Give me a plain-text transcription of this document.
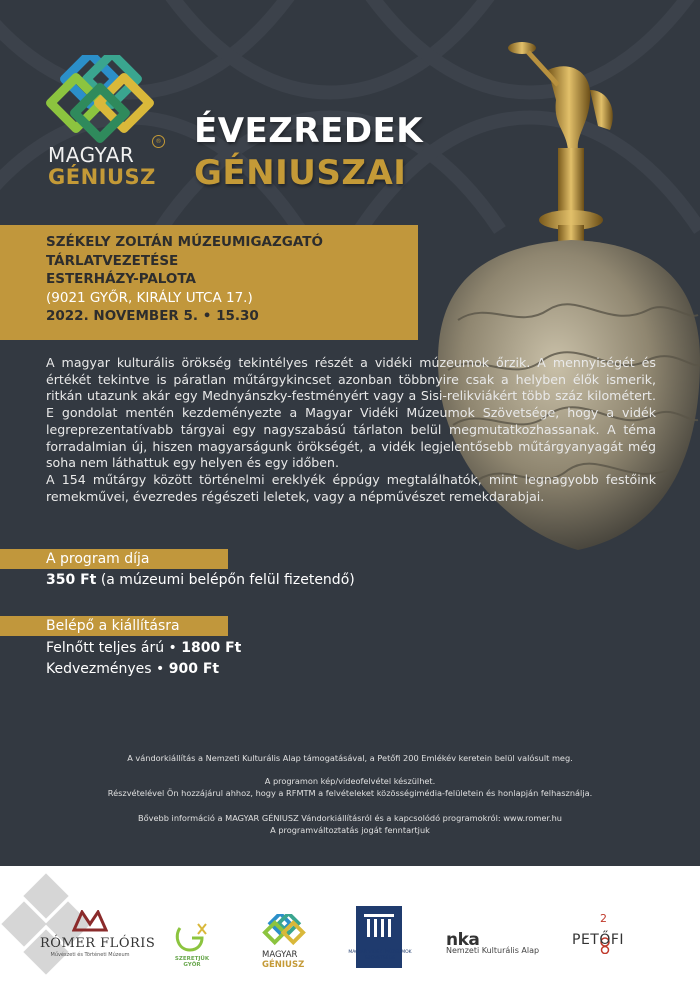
MAGYAR
GÉNIUSZ
® ÉVEZREDEK
GÉNIUSZAI
SZÉKELY ZOLTÁN MÚZEUMIGAZGATÓ
TÁRLATVEZETÉSE
ESTERHÁZY-PALOTA
(9021 GYŐR, KIRÁLY UTCA 17.)
2022. NOVEMBER 5. • 15.30

A magyar kulturális örökség tekintélyes részét a vidéki múzeumok őrzik. A mennyiségét és értékét tekintve is páratlan műtárgykincset azonban többnyire csak a helyben élők ismerik, ritkán utazunk akár egy Mednyánszky-festményért vagy a Sisi-relikviákért több száz kilométert. E gondolat mentén kezdeményezte a Magyar Vidéki Múzeumok Szövetsége, hogy a vidék legreprezentatívabb tárgyai egy nagyszabású tárlaton belül megmutatkozhassanak. A téma forradalmian új, hiszen magyarságunk örökségét, a vidék legjelentősebb műtárgyanyagát még soha nem láthattuk egy helyen és egy időben.

A 154 műtárgy között történelmi ereklyék éppúgy megtalálhatók, mint legnagyobb festőink remekművei, évezredes régészeti leletek, vagy a népművészet remekdarabjai.

A program díja
350 Ft (a múzeumi belépőn felül fizetendő)
Belépő a kiállításra
Felnőtt teljes árú • 1800 Ft
Kedvezményes • 900 Ft
A vándorkiállítás a Nemzeti Kulturális Alap támogatásával, a Petőfi 200 Emlékév keretein belül valósult meg.
A programon kép/videofelvétel készülhet.
Részvételével Ön hozzájárul ahhoz, hogy a RFMTM a felvételeket közösségimédia-felületein és honlapján felhasználja.
Bővebb információ a MAGYAR GÉNIUSZ Vándorkiállításról és a kapcsolódó programokról: www.romer.hu
A programváltoztatás jogát fenntartjuk
RÓMER FLÓRIS
Művészeti és Történeti Múzeum
SZERETJÜK GYŐR
MAGYAR
GÉNIUSZ
MAGYAR VIDÉKI MÚZEUMOK SZÖVETSÉGE
nka
Nemzeti Kulturális Alap
2
PETŐFI
